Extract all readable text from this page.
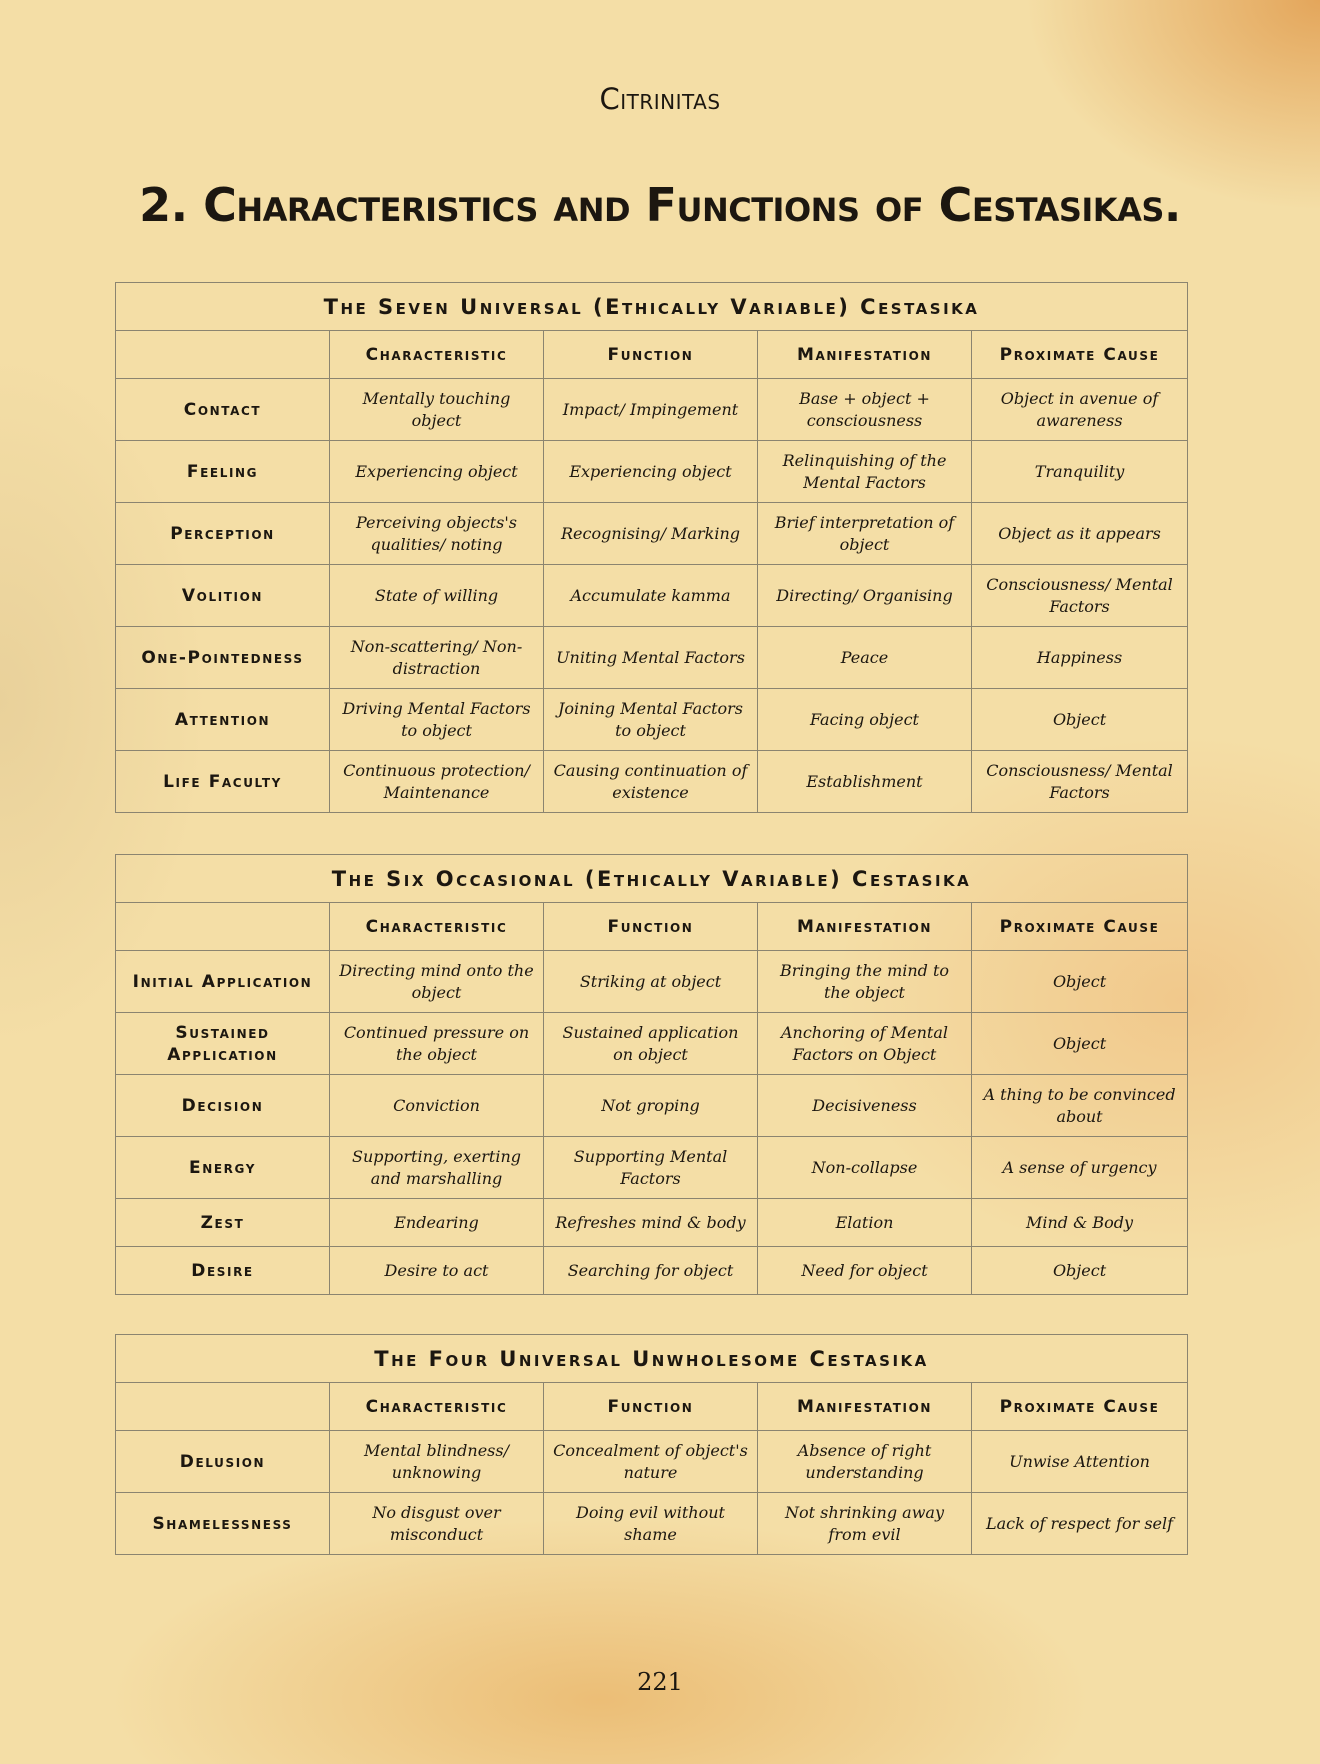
Citrinitas
2. Characteristics and Functions of Cestasikas.
The Seven Universal (Ethically Variable) Cestasika				
	Characteristic	Function	Manifestation	Proximate Cause
Contact	Mentally touching object	Impact/ Impingement	Base + object + consciousness	Object in avenue of awareness
Feeling	Experiencing object	Experiencing object	Relinquishing of the Mental Factors	Tranquility
Perception	Perceiving objects's qualities/ noting	Recognising/ Marking	Brief interpretation of object	Object as it appears
Volition	State of willing	Accumulate kamma	Directing/ Organising	Consciousness/ Mental Factors
One-Pointedness	Non-scattering/ Non-distraction	Uniting Mental Factors	Peace	Happiness
Attention	Driving Mental Factors to object	Joining Mental Factors to object	Facing object	Object
Life Faculty	Continuous protection/ Maintenance	Causing continuation of existence	Establishment	Consciousness/ Mental Factors
The Six Occasional (Ethically Variable) Cestasika				
	Characteristic	Function	Manifestation	Proximate Cause
Initial Application	Directing mind onto the object	Striking at object	Bringing the mind to the object	Object
Sustained Application	Continued pressure on the object	Sustained application on object	Anchoring of Mental Factors on Object	Object
Decision	Conviction	Not groping	Decisiveness	A thing to be convinced about
Energy	Supporting, exerting and marshalling	Supporting Mental Factors	Non-collapse	A sense of urgency
Zest	Endearing	Refreshes mind & body	Elation	Mind & Body
Desire	Desire to act	Searching for object	Need for object	Object
The Four Universal Unwholesome Cestasika				
	Characteristic	Function	Manifestation	Proximate Cause
Delusion	Mental blindness/ unknowing	Concealment of object's nature	Absence of right understanding	Unwise Attention
Shamelessness	No disgust over misconduct	Doing evil without shame	Not shrinking away from evil	Lack of respect for self
221
